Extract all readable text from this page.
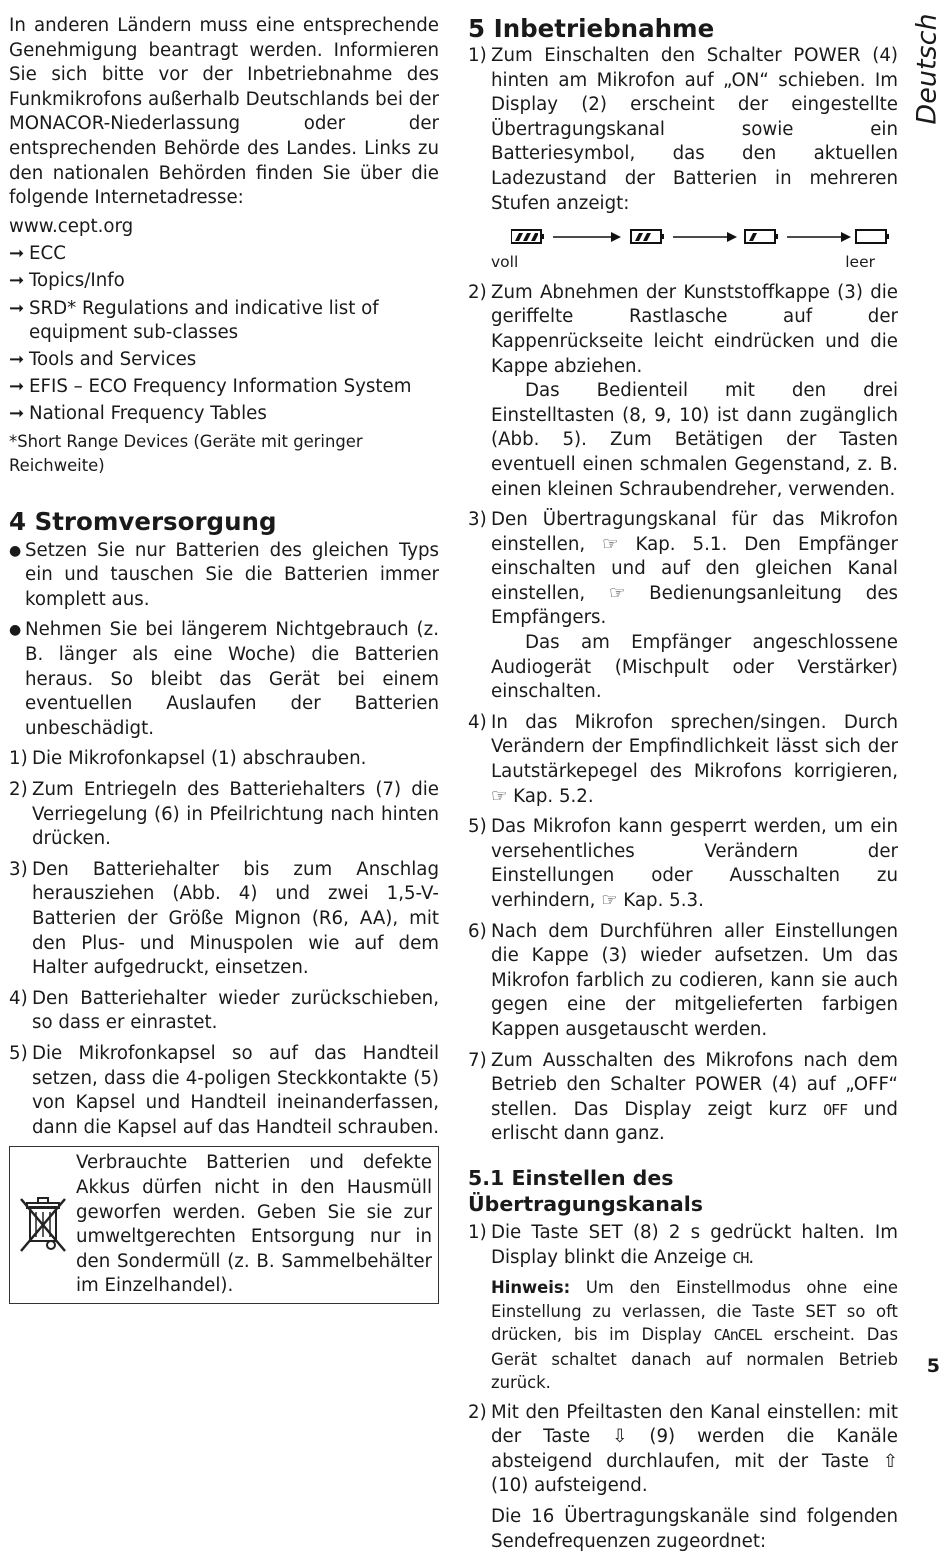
Deutsch

In anderen Ländern muss eine entsprechende Genehmigung beantragt werden. Informieren Sie sich bitte vor der Inbetriebnahme des Funkmikrofons außerhalb Deutschlands bei der MONACOR-Niederlassung oder der entsprechenden Behörde des Landes. Links zu den nationalen Behörden finden Sie über die folgende Internetadresse:

www.cept.org

➞ ECC
➞ Topics/Info
➞ SRD* Regulations and indicative list of equipment sub-classes
➞ Tools and Services
➞ EFIS – ECO Frequency Information System
➞ National Frequency Tables

*Short Range Devices (Geräte mit geringer Reichweite)

4 Stromversorgung
● Setzen Sie nur Batterien des gleichen Typs ein und tauschen Sie die Batterien immer komplett aus.
● Nehmen Sie bei längerem Nichtgebrauch (z. B. länger als eine Woche) die Batterien heraus. So bleibt das Gerät bei einem eventuellen Auslaufen der Batterien unbeschädigt.
1) Die Mikrofonkapsel (1) abschrauben.
2) Zum Entriegeln des Batteriehalters (7) die Verriegelung (6) in Pfeilrichtung nach hinten drücken.
3) Den Batteriehalter bis zum Anschlag herausziehen (Abb. 4) und zwei 1,5-V-Batterien der Größe Mignon (R6, AA), mit den Plus- und Minuspolen wie auf dem Halter aufgedruckt, einsetzen.
4) Den Batteriehalter wieder zurückschieben, so dass er einrastet.
5) Die Mikrofonkapsel so auf das Handteil setzen, dass die 4-poligen Steckkontakte (5) von Kapsel und Handteil ineinanderfassen, dann die Kapsel auf das Handteil schrauben.
Verbrauchte Batterien und defekte Akkus dürfen nicht in den Hausmüll geworfen werden. Geben Sie sie zur umweltgerechten Entsorgung nur in den Sondermüll (z. B. Sammelbehälter im Einzelhandel).
5 Inbetriebnahme
1) Zum Einschalten den Schalter POWER (4) hinten am Mikrofon auf „ON“ schieben. Im Display (2) erscheint der eingestellte Übertragungskanal sowie ein Batteriesymbol, das den aktuellen Ladezustand der Batterien in mehreren Stufen anzeigt:
voll	leer
2) Zum Abnehmen der Kunststoffkappe (3) die geriffelte Rastlasche auf der Kappenrückseite leicht eindrücken und die Kappe abziehen.

Das Bedienteil mit den drei Einstelltasten (8, 9, 10) ist dann zugänglich (Abb. 5). Zum Betätigen der Tasten eventuell einen schmalen Gegenstand, z. B. einen kleinen Schraubendreher, verwenden.

3) Den Übertragungskanal für das Mikrofon einstellen, ☞ Kap. 5.1. Den Empfänger einschalten und auf den gleichen Kanal einstellen, ☞ Bedienungsanleitung des Empfängers.

Das am Empfänger angeschlossene Audiogerät (Mischpult oder Verstärker) einschalten.

4) In das Mikrofon sprechen/singen. Durch Verändern der Empfindlichkeit lässt sich der Lautstärkepegel des Mikrofons korrigieren, ☞ Kap. 5.2.
5) Das Mikrofon kann gesperrt werden, um ein versehentliches Verändern der Einstellungen oder Ausschalten zu verhindern, ☞ Kap. 5.3.
6) Nach dem Durchführen aller Einstellungen die Kappe (3) wieder aufsetzen. Um das Mikrofon farblich zu codieren, kann sie auch gegen eine der mitgelieferten farbigen Kappen ausgetauscht werden.
7) Zum Ausschalten des Mikrofons nach dem Betrieb den Schalter POWER (4) auf „OFF“ stellen. Das Display zeigt kurz OFF und erlischt dann ganz.
5.1 Einstellen des Übertragungskanals
1) Die Taste SET (8) 2 s gedrückt halten. Im Display blinkt die Anzeige CH.

Hinweis: Um den Einstellmodus ohne eine Einstellung zu verlassen, die Taste SET so oft drücken, bis im Display CAnCEL erscheint. Das Gerät schaltet danach auf normalen Betrieb zurück.

2) Mit den Pfeiltasten den Kanal einstellen: mit der Taste ⇩ (9) werden die Kanäle absteigend durchlaufen, mit der Taste ⇧ (10) aufsteigend.

Die 16 Übertragungskanäle sind folgenden Sendefrequenzen zugeordnet:

5
